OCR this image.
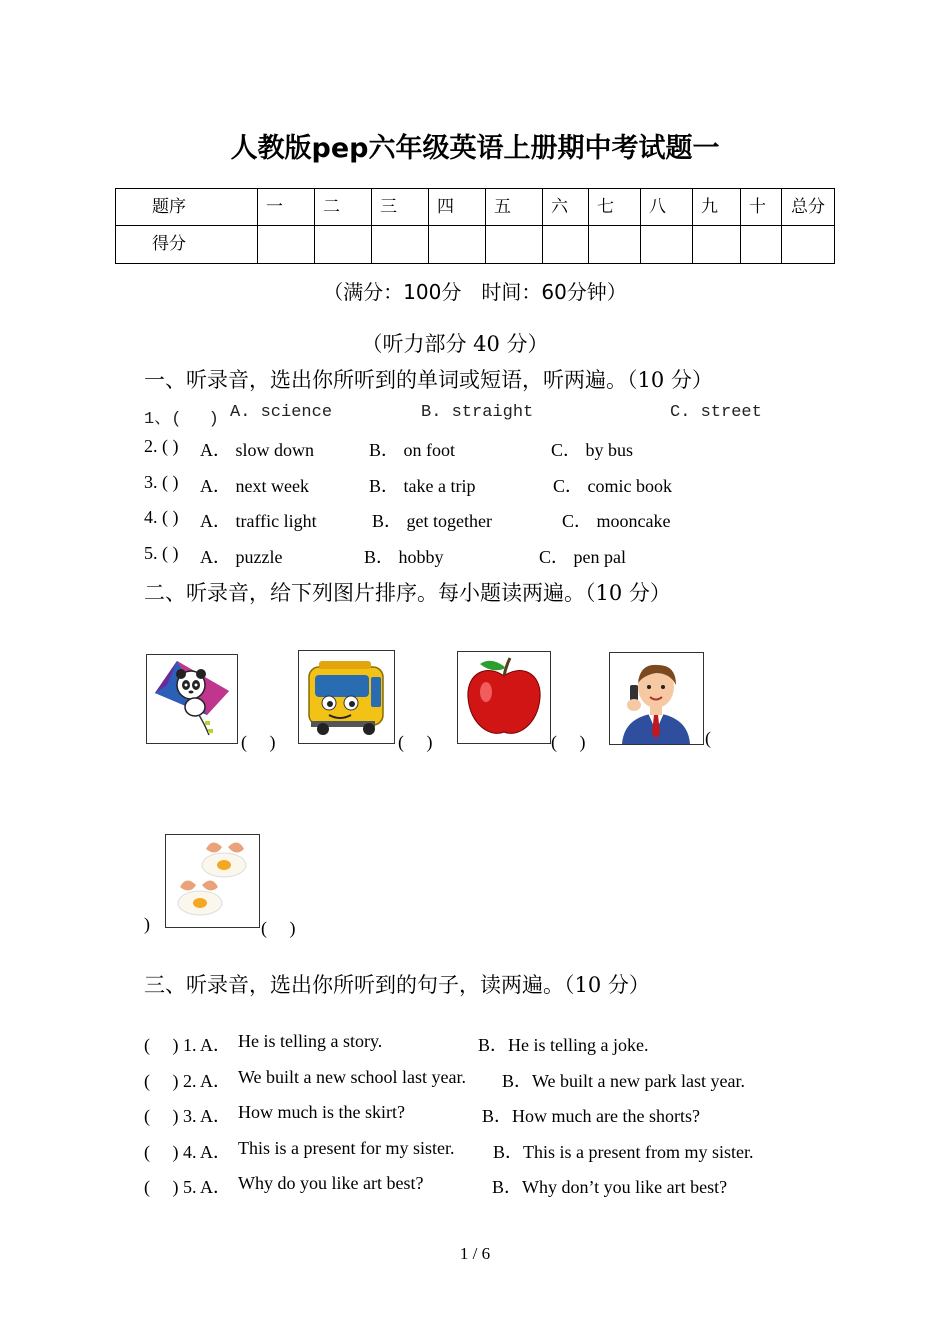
人教版pep六年级英语上册期中考试题一
题序	一	二	三	四	五	六	七	八	九	十	总分
得分											
（满分：100分　时间：60分钟）
（听力部分 40 分）
一、听录音，选出你所听到的单词或短语，听两遍。（10 分）
1、(　 ) A. science	B. straight	C. street
2. ( ) A． slow down	B． on foot	C． by bus
3. ( ) A． next week	B． take a trip	C． comic book
4. ( ) A． traffic light	B． get together	C． mooncake
5. ( ) A． puzzle	B． hobby	C． pen pal
二、听录音，给下列图片排序。每小题读两遍。（10 分）
(　 )	(　 )	(　 )	(
)	(　 )
三、听录音，选出你所听到的句子，读两遍。（10 分）
(　 ) 1. A． He is telling a story.	B．He is telling a joke.
(　 ) 2. A． We built a new school last year. B．We built a new park last year.
(　 ) 3. A． How much is the skirt?	B．How much are the shorts?
(　 ) 4. A． This is a present for my sister. B．This is a present from my sister.
(　 ) 5. A． Why do you like art best?	B．Why don’t you like art best?
1 / 6
